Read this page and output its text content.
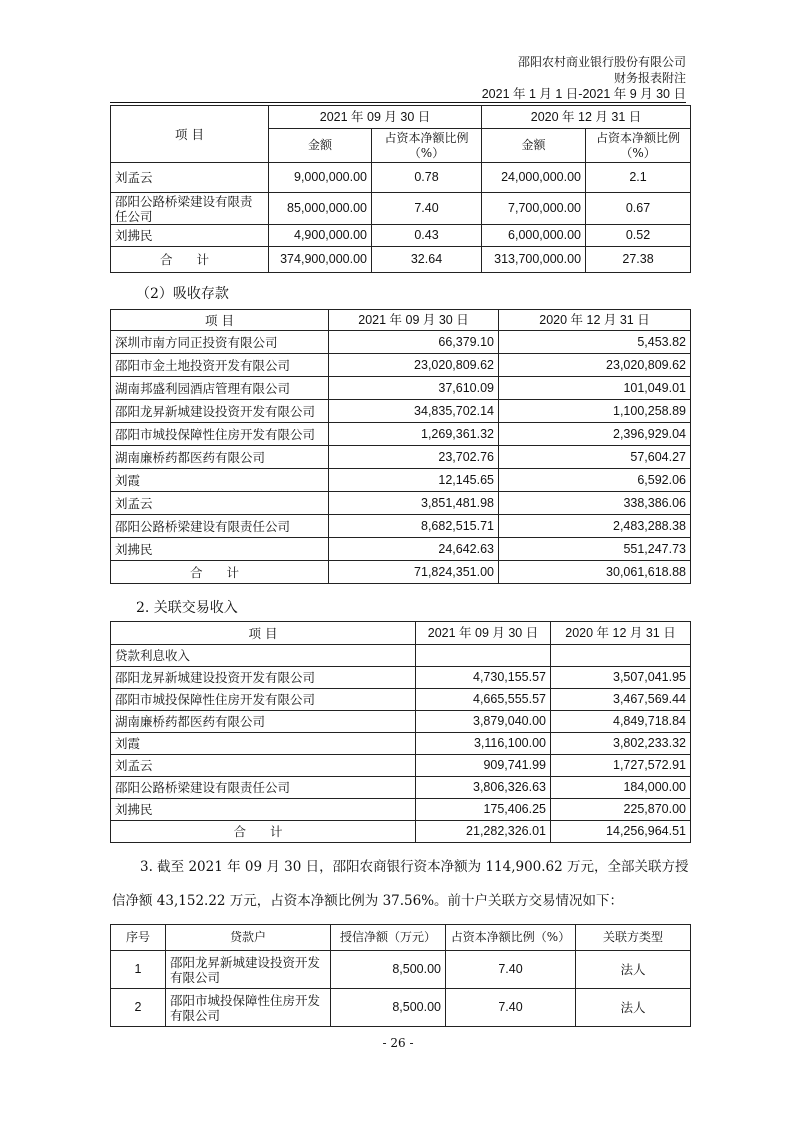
邵阳农村商业银行股份有限公司
财务报表附注
2021 年 1 月 1 日-2021 年 9 月 30 日
项 目	2021 年 09 月 30 日		2020 年 12 月 31 日	
	金额	占资本净额比例（%）	金额	占资本净额比例（%）
刘孟云	9,000,000.00	0.78	24,000,000.00	2.1
邵阳公路桥梁建设有限责任公司	85,000,000.00	7.40	7,700,000.00	0.67
刘拂民	4,900,000.00	0.43	6,000,000.00	0.52
合 计	374,900,000.00	32.64	313,700,000.00	27.38
（2）吸收存款
项 目	2021 年 09 月 30 日	2020 年 12 月 31 日
深圳市南方同正投资有限公司	66,379.10	5,453.82
邵阳市金土地投资开发有限公司	23,020,809.62	23,020,809.62
湖南邦盛利园酒店管理有限公司	37,610.09	101,049.01
邵阳龙昇新城建设投资开发有限公司	34,835,702.14	1,100,258.89
邵阳市城投保障性住房开发有限公司	1,269,361.32	2,396,929.04
湖南廉桥药都医药有限公司	23,702.76	57,604.27
刘霞	12,145.65	6,592.06
刘孟云	3,851,481.98	338,386.06
邵阳公路桥梁建设有限责任公司	8,682,515.71	2,483,288.38
刘拂民	24,642.63	551,247.73
合 计	71,824,351.00	30,061,618.88
2. 关联交易收入
项 目	2021 年 09 月 30 日	2020 年 12 月 31 日
贷款利息收入		
邵阳龙昇新城建设投资开发有限公司	4,730,155.57	3,507,041.95
邵阳市城投保障性住房开发有限公司	4,665,555.57	3,467,569.44
湖南廉桥药都医药有限公司	3,879,040.00	4,849,718.84
刘霞	3,116,100.00	3,802,233.32
刘孟云	909,741.99	1,727,572.91
邵阳公路桥梁建设有限责任公司	3,806,326.63	184,000.00
刘拂民	175,406.25	225,870.00
合 计	21,282,326.01	14,256,964.51
3. 截至 2021 年 09 月 30 日，邵阳农商银行资本净额为 114,900.62 万元，全部关联方授
信净额 43,152.22 万元，占资本净额比例为 37.56%。前十户关联方交易情况如下：
序号	贷款户	授信净额（万元）	占资本净额比例（%）	关联方类型
1	邵阳龙昇新城建设投资开发有限公司	8,500.00	7.40	法人
2	邵阳市城投保障性住房开发有限公司	8,500.00	7.40	法人
- 26 -
